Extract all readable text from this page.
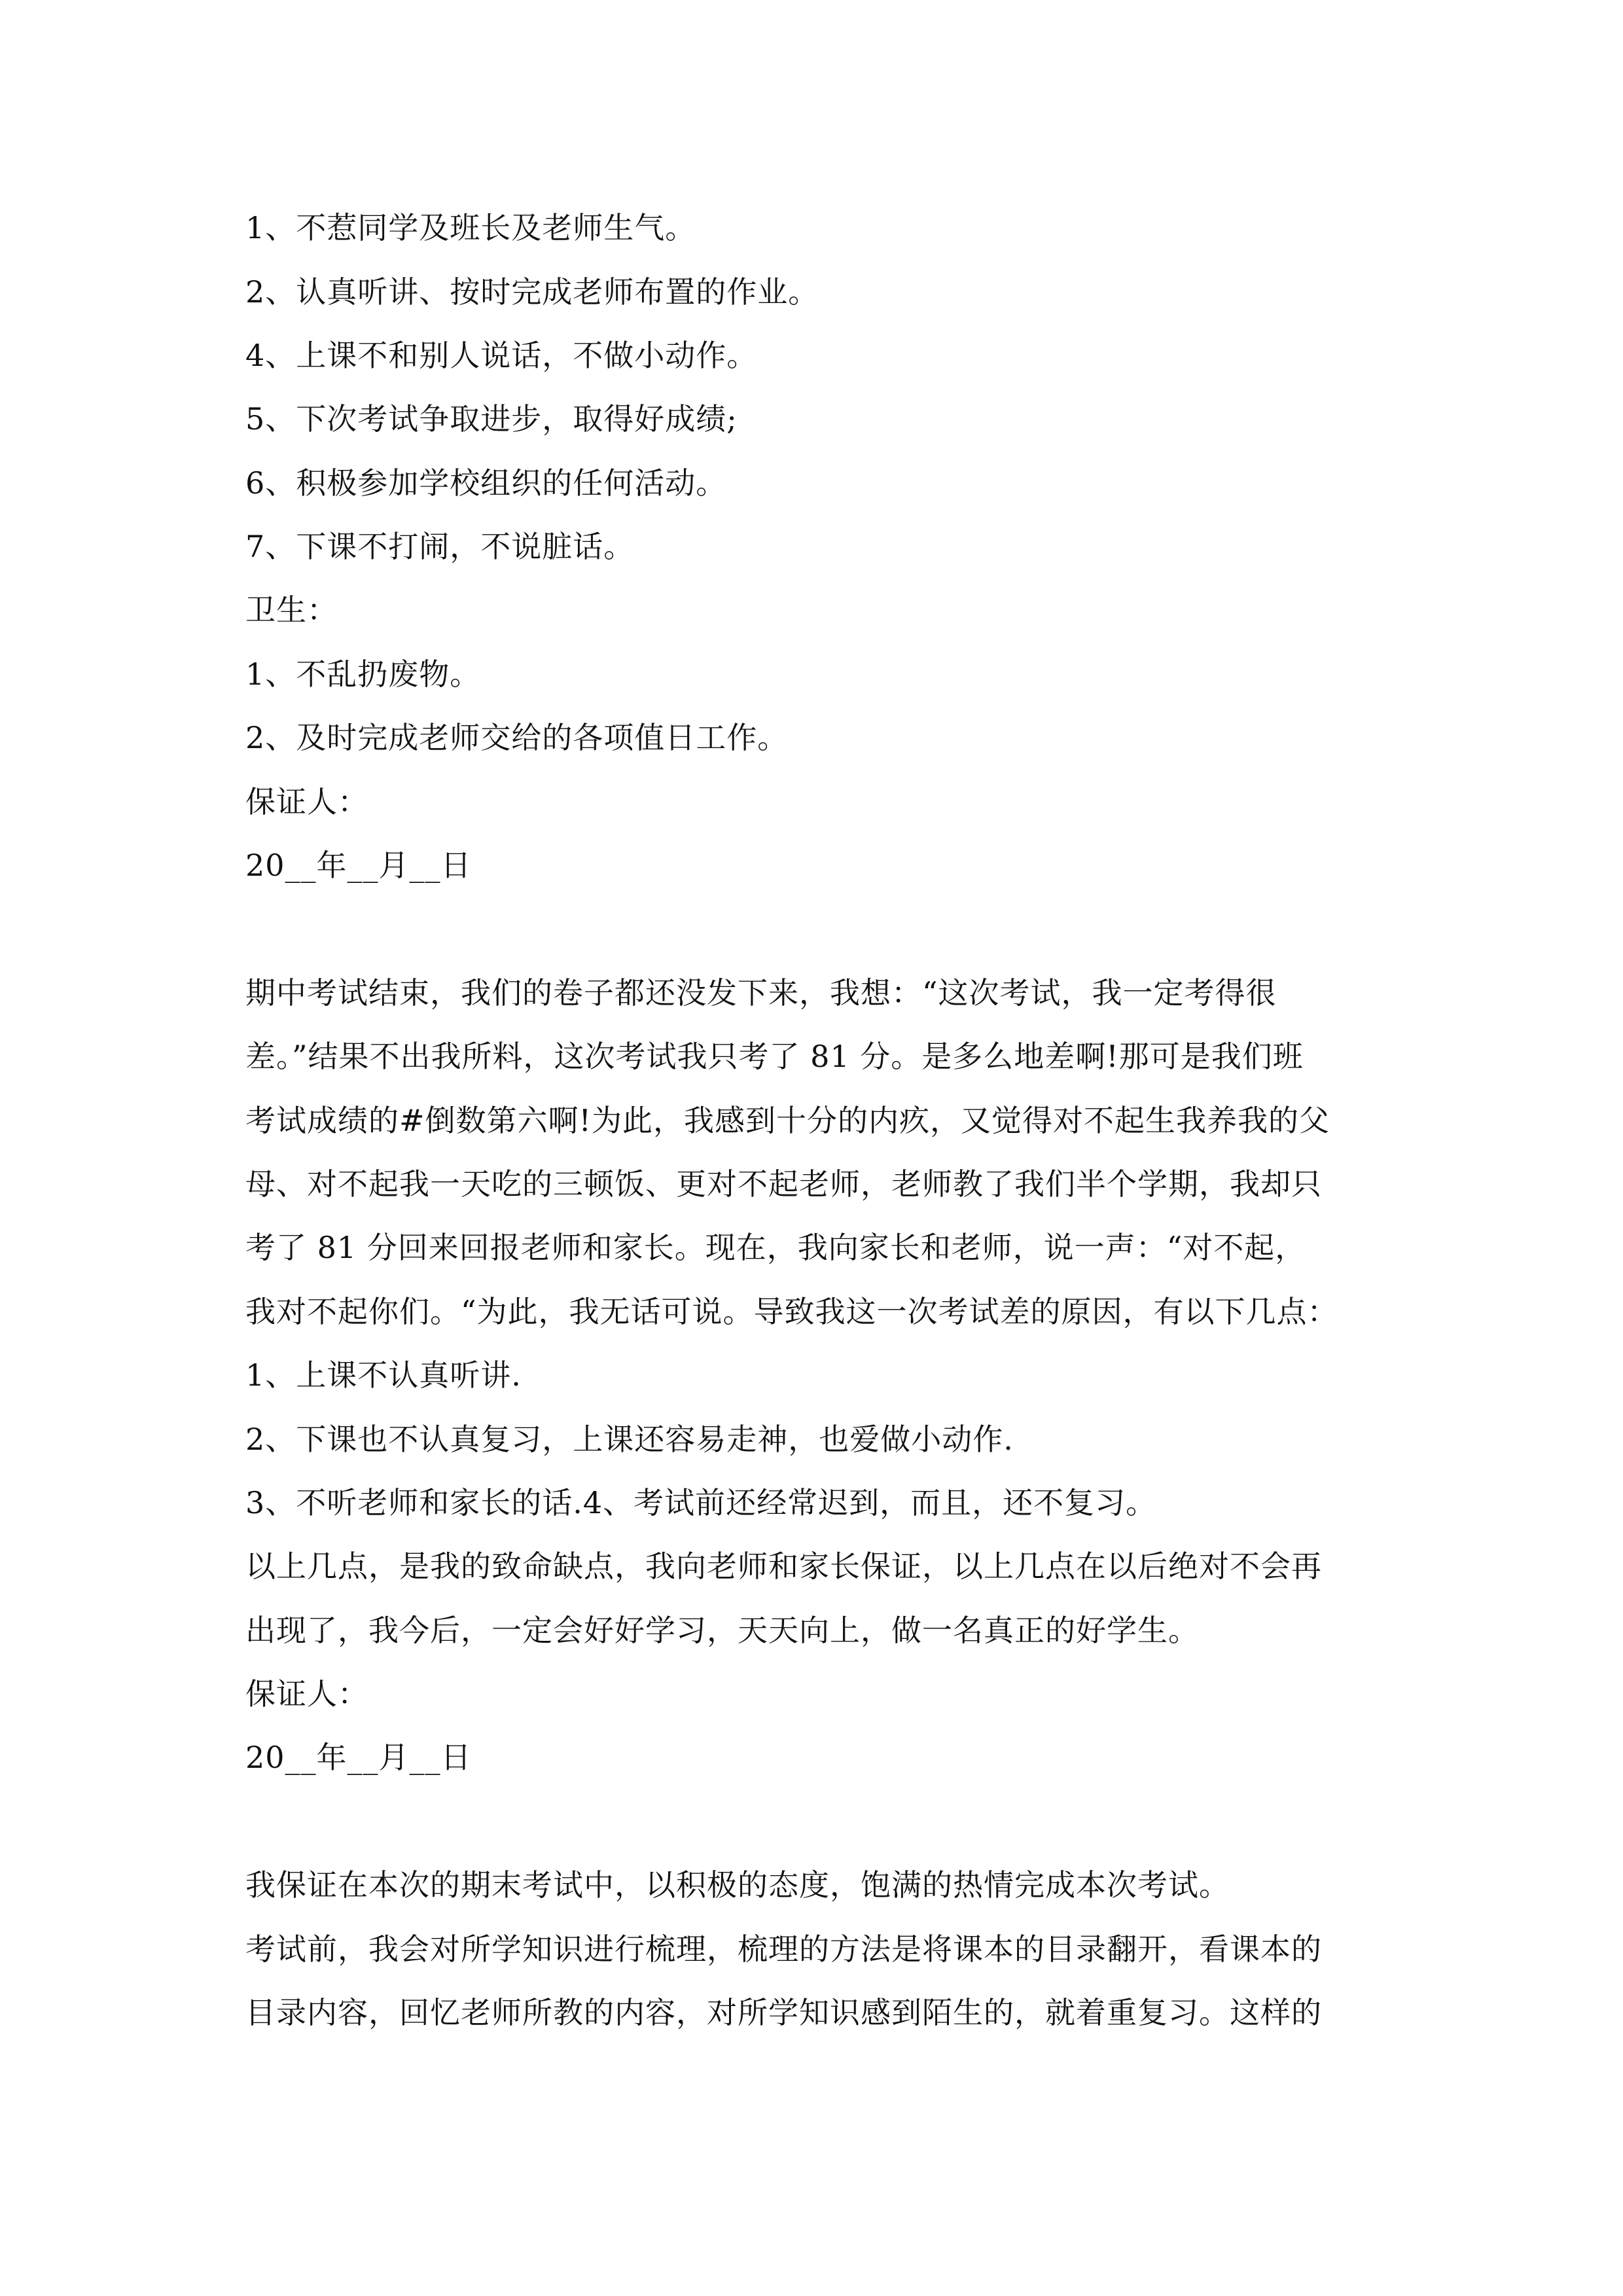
1、不惹同学及班长及老师生气。
2、认真听讲、按时完成老师布置的作业。
4、上课不和别人说话，不做小动作。
5、下次考试争取进步，取得好成绩;
6、积极参加学校组织的任何活动。
7、下课不打闹，不说脏话。
卫生：
1、不乱扔废物。
2、及时完成老师交给的各项值日工作。
保证人：
20__年__月__日
期中考试结束，我们的卷子都还没发下来，我想：“这次考试，我一定考得很
差。”结果不出我所料，这次考试我只考了 81 分。是多么地差啊!那可是我们班
考试成绩的#倒数第六啊!为此，我感到十分的内疚，又觉得对不起生我养我的父
母、对不起我一天吃的三顿饭、更对不起老师，老师教了我们半个学期，我却只
考了 81 分回来回报老师和家长。现在，我向家长和老师，说一声：“对不起，
我对不起你们。“为此，我无话可说。导致我这一次考试差的原因，有以下几点：
1、上课不认真听讲.
2、下课也不认真复习，上课还容易走神，也爱做小动作.
3、不听老师和家长的话.4、考试前还经常迟到，而且，还不复习。
以上几点，是我的致命缺点，我向老师和家长保证，以上几点在以后绝对不会再
出现了，我今后，一定会好好学习，天天向上，做一名真正的好学生。
保证人：
20__年__月__日
我保证在本次的期末考试中，以积极的态度，饱满的热情完成本次考试。
考试前，我会对所学知识进行梳理，梳理的方法是将课本的目录翻开，看课本的
目录内容，回忆老师所教的内容，对所学知识感到陌生的，就着重复习。这样的
